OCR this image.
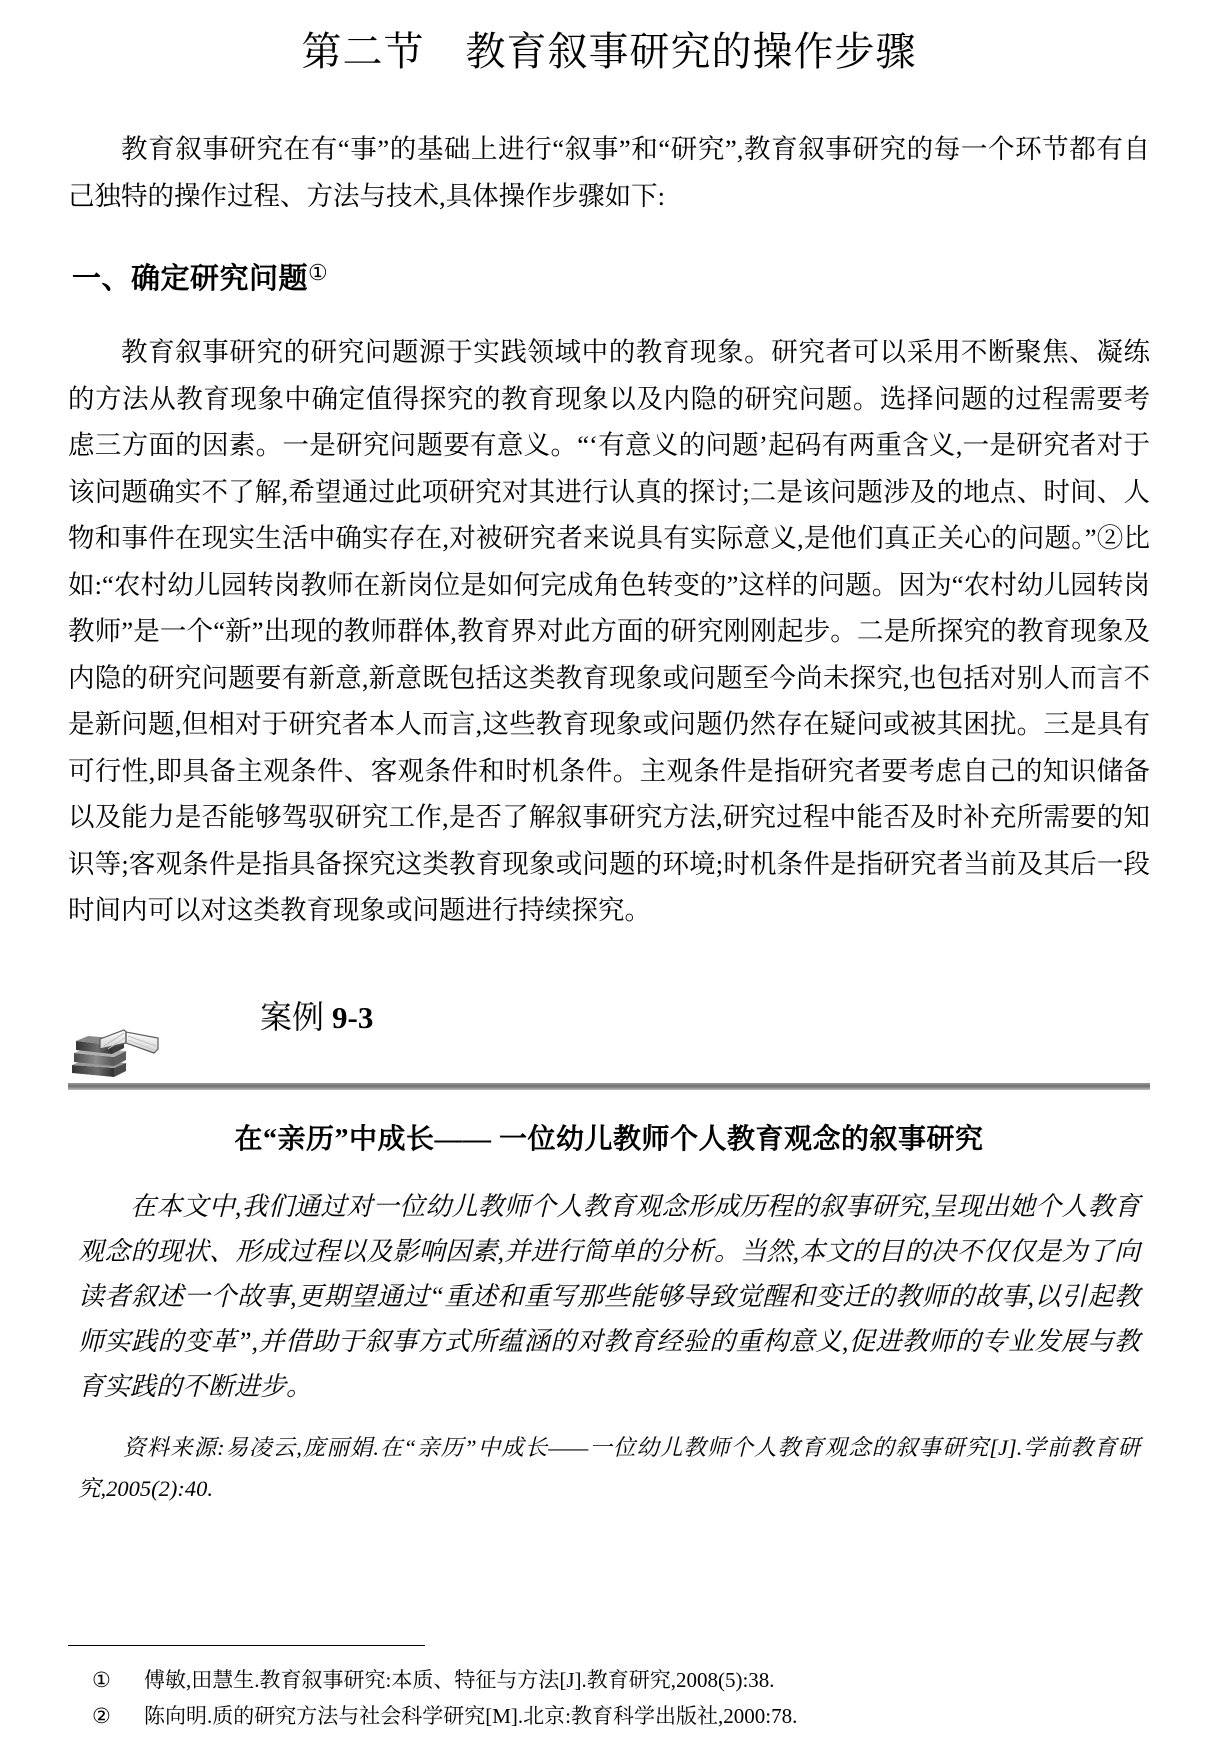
第二节　教育叙事研究的操作步骤

教育叙事研究在有“事”的基础上进行“叙事”和“研究”,教育叙事研究的每一个环节都有自己独特的操作过程、方法与技术,具体操作步骤如下:

一、确定研究问题①

教育叙事研究的研究问题源于实践领域中的教育现象。研究者可以采用不断聚焦、凝练的方法从教育现象中确定值得探究的教育现象以及内隐的研究问题。选择问题的过程需要考虑三方面的因素。一是研究问题要有意义。“‘有意义的问题’起码有两重含义,一是研究者对于该问题确实不了解,希望通过此项研究对其进行认真的探讨;二是该问题涉及的地点、时间、人物和事件在现实生活中确实存在,对被研究者来说具有实际意义,是他们真正关心的问题。”②比如:“农村幼儿园转岗教师在新岗位是如何完成角色转变的”这样的问题。因为“农村幼儿园转岗教师”是一个“新”出现的教师群体,教育界对此方面的研究刚刚起步。二是所探究的教育现象及内隐的研究问题要有新意,新意既包括这类教育现象或问题至今尚未探究,也包括对别人而言不是新问题,但相对于研究者本人而言,这些教育现象或问题仍然存在疑问或被其困扰。三是具有可行性,即具备主观条件、客观条件和时机条件。主观条件是指研究者要考虑自己的知识储备以及能力是否能够驾驭研究工作,是否了解叙事研究方法,研究过程中能否及时补充所需要的知识等;客观条件是指具备探究这类教育现象或问题的环境;时机条件是指研究者当前及其后一段时间内可以对这类教育现象或问题进行持续探究。

案例 9-3

在“亲历”中成长—— 一位幼儿教师个人教育观念的叙事研究

在本文中,我们通过对一位幼儿教师个人教育观念形成历程的叙事研究,呈现出她个人教育观念的现状、形成过程以及影响因素,并进行简单的分析。当然,本文的目的决不仅仅是为了向读者叙述一个故事,更期望通过“重述和重写那些能够导致觉醒和变迁的教师的故事,以引起教师实践的变革”,并借助于叙事方式所蕴涵的对教育经验的重构意义,促进教师的专业发展与教育实践的不断进步。

资料来源:易凌云,庞丽娟.在“亲历”中成长——一位幼儿教师个人教育观念的叙事研究[J].学前教育研究,2005(2):40.

①	傅敏,田慧生.教育叙事研究:本质、特征与方法[J].教育研究,2008(5):38.
②	陈向明.质的研究方法与社会科学研究[M].北京:教育科学出版社,2000:78.
